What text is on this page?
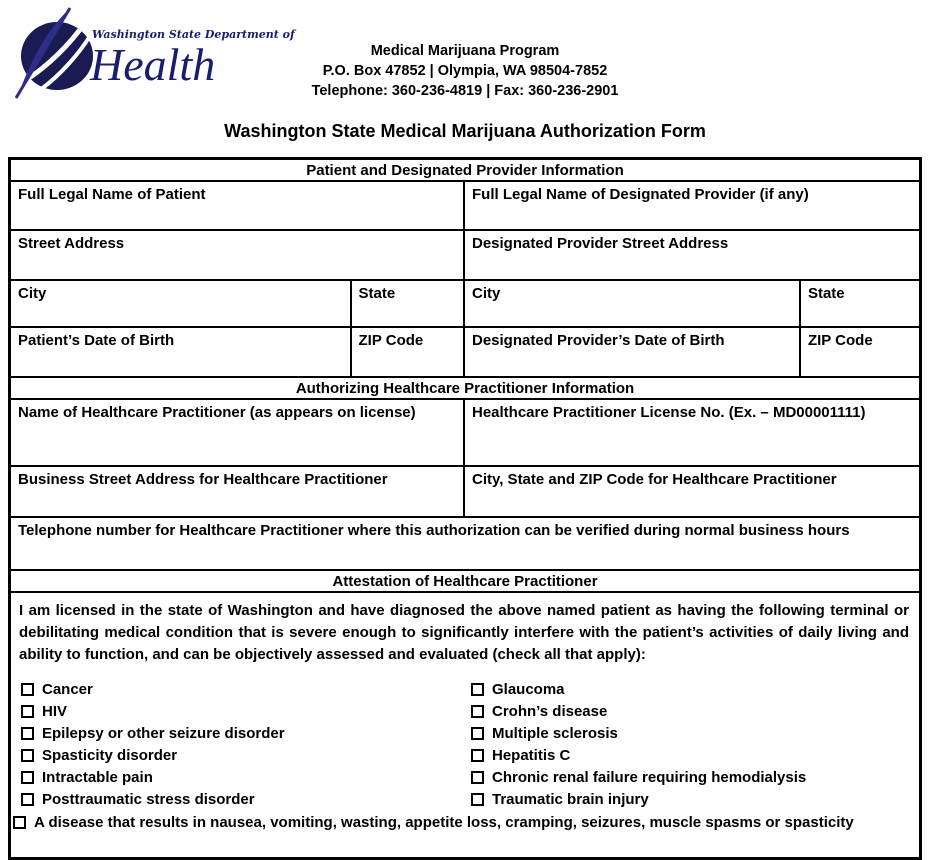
Washington State Department of
Health	Medical Marijuana Program
P.O. Box 47852 | Olympia, WA 98504-7852
Telephone: 360-236-4819 | Fax: 360-236-2901
Washington State Medical Marijuana Authorization Form
Patient and Designated Provider Information
Full Legal Name of Patient	Full Legal Name of Designated Provider (if any)
Street Address	Designated Provider Street Address
City	State	City	State
Patient’s Date of Birth	ZIP Code	Designated Provider’s Date of Birth	ZIP Code
Authorizing Healthcare Practitioner Information
Name of Healthcare Practitioner (as appears on license)	Healthcare Practitioner License No. (Ex. – MD00001111)
Business Street Address for Healthcare Practitioner	City, State and ZIP Code for Healthcare Practitioner
Telephone number for Healthcare Practitioner where this authorization can be verified during normal business hours
Attestation of Healthcare Practitioner
I am licensed in the state of Washington and have diagnosed the above named patient as having the following terminal or debilitating medical condition that is severe enough to significantly interfere with the patient’s activities of daily living and ability to function, and can be objectively assessed and evaluated (check all that apply):
Cancer
HIV
Epilepsy or other seizure disorder
Spasticity disorder
Intractable pain
Posttraumatic stress disorder
Glaucoma
Crohn’s disease
Multiple sclerosis
Hepatitis C
Chronic renal failure requiring hemodialysis
Traumatic brain injury
A disease that results in nausea, vomiting, wasting, appetite loss, cramping, seizures, muscle spasms or spasticity
